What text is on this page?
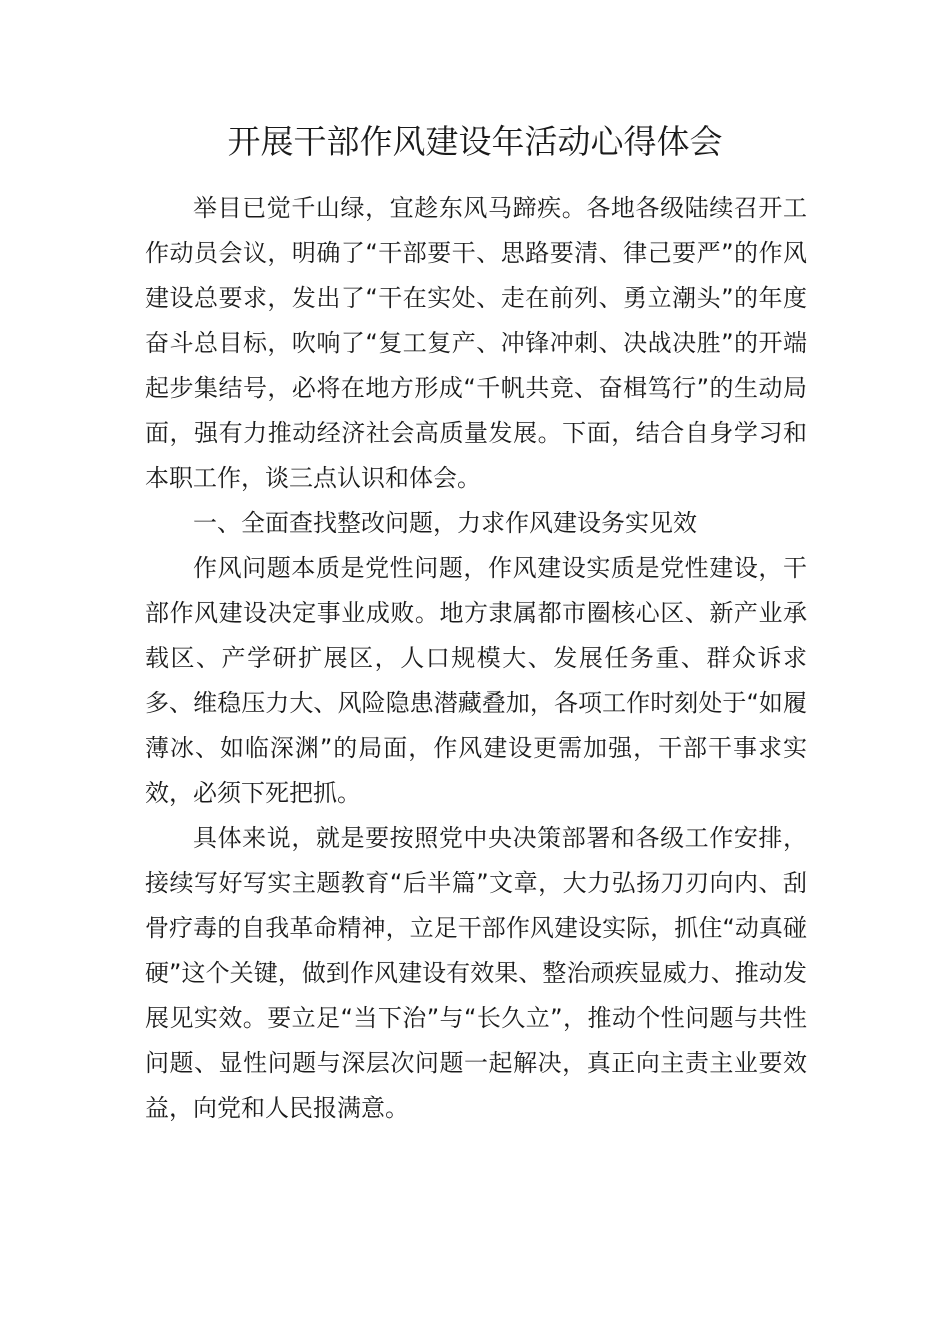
开展干部作风建设年活动心得体会

举目已觉千山绿，宜趁东风马蹄疾。各地各级陆续召开工作动员会议，明确了“干部要干、思路要清、律己要严”的作风建设总要求，发出了“干在实处、走在前列、勇立潮头”的年度奋斗总目标，吹响了“复工复产、冲锋冲刺、决战决胜”的开端起步集结号，必将在地方形成“千帆共竞、奋楫笃行”的生动局面，强有力推动经济社会高质量发展。下面，结合自身学习和本职工作，谈三点认识和体会。

一、全面查找整改问题，力求作风建设务实见效

作风问题本质是党性问题，作风建设实质是党性建设，干部作风建设决定事业成败。地方隶属都市圈核心区、新产业承载区、产学研扩展区，人口规模大、发展任务重、群众诉求多、维稳压力大、风险隐患潜藏叠加，各项工作时刻处于“如履薄冰、如临深渊”的局面，作风建设更需加强，干部干事求实效，必须下死把抓。

具体来说，就是要按照党中央决策部署和各级工作安排，接续写好写实主题教育“后半篇”文章，大力弘扬刀刃向内、刮骨疗毒的自我革命精神，立足干部作风建设实际，抓住“动真碰硬”这个关键，做到作风建设有效果、整治顽疾显威力、推动发展见实效。要立足“当下治”与“长久立”，推动个性问题与共性问题、显性问题与深层次问题一起解决，真正向主责主业要效益，向党和人民报满意。
